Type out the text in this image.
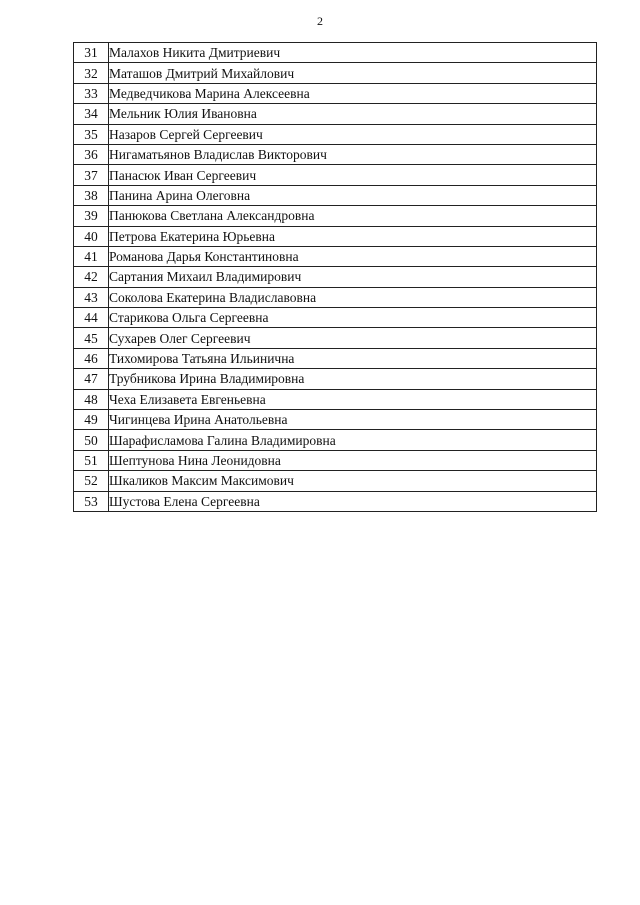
2
31	Малахов Никита Дмитриевич
32	Маташов Дмитрий Михайлович
33	Медведчикова Марина Алексеевна
34	Мельник Юлия Ивановна
35	Назаров Сергей Сергеевич
36	Нигаматьянов Владислав Викторович
37	Панасюк Иван Сергеевич
38	Панина Арина Олеговна
39	Панюкова Светлана Александровна
40	Петрова Екатерина Юрьевна
41	Романова Дарья Константиновна
42	Сартания Михаил Владимирович
43	Соколова Екатерина Владиславовна
44	Старикова Ольга Сергеевна
45	Сухарев Олег Сергеевич
46	Тихомирова Татьяна Ильинична
47	Трубникова Ирина Владимировна
48	Чеха Елизавета Евгеньевна
49	Чигинцева Ирина Анатольевна
50	Шарафисламова Галина Владимировна
51	Шептунова Нина Леонидовна
52	Шкаликов Максим Максимович
53	Шустова Елена Сергеевна
